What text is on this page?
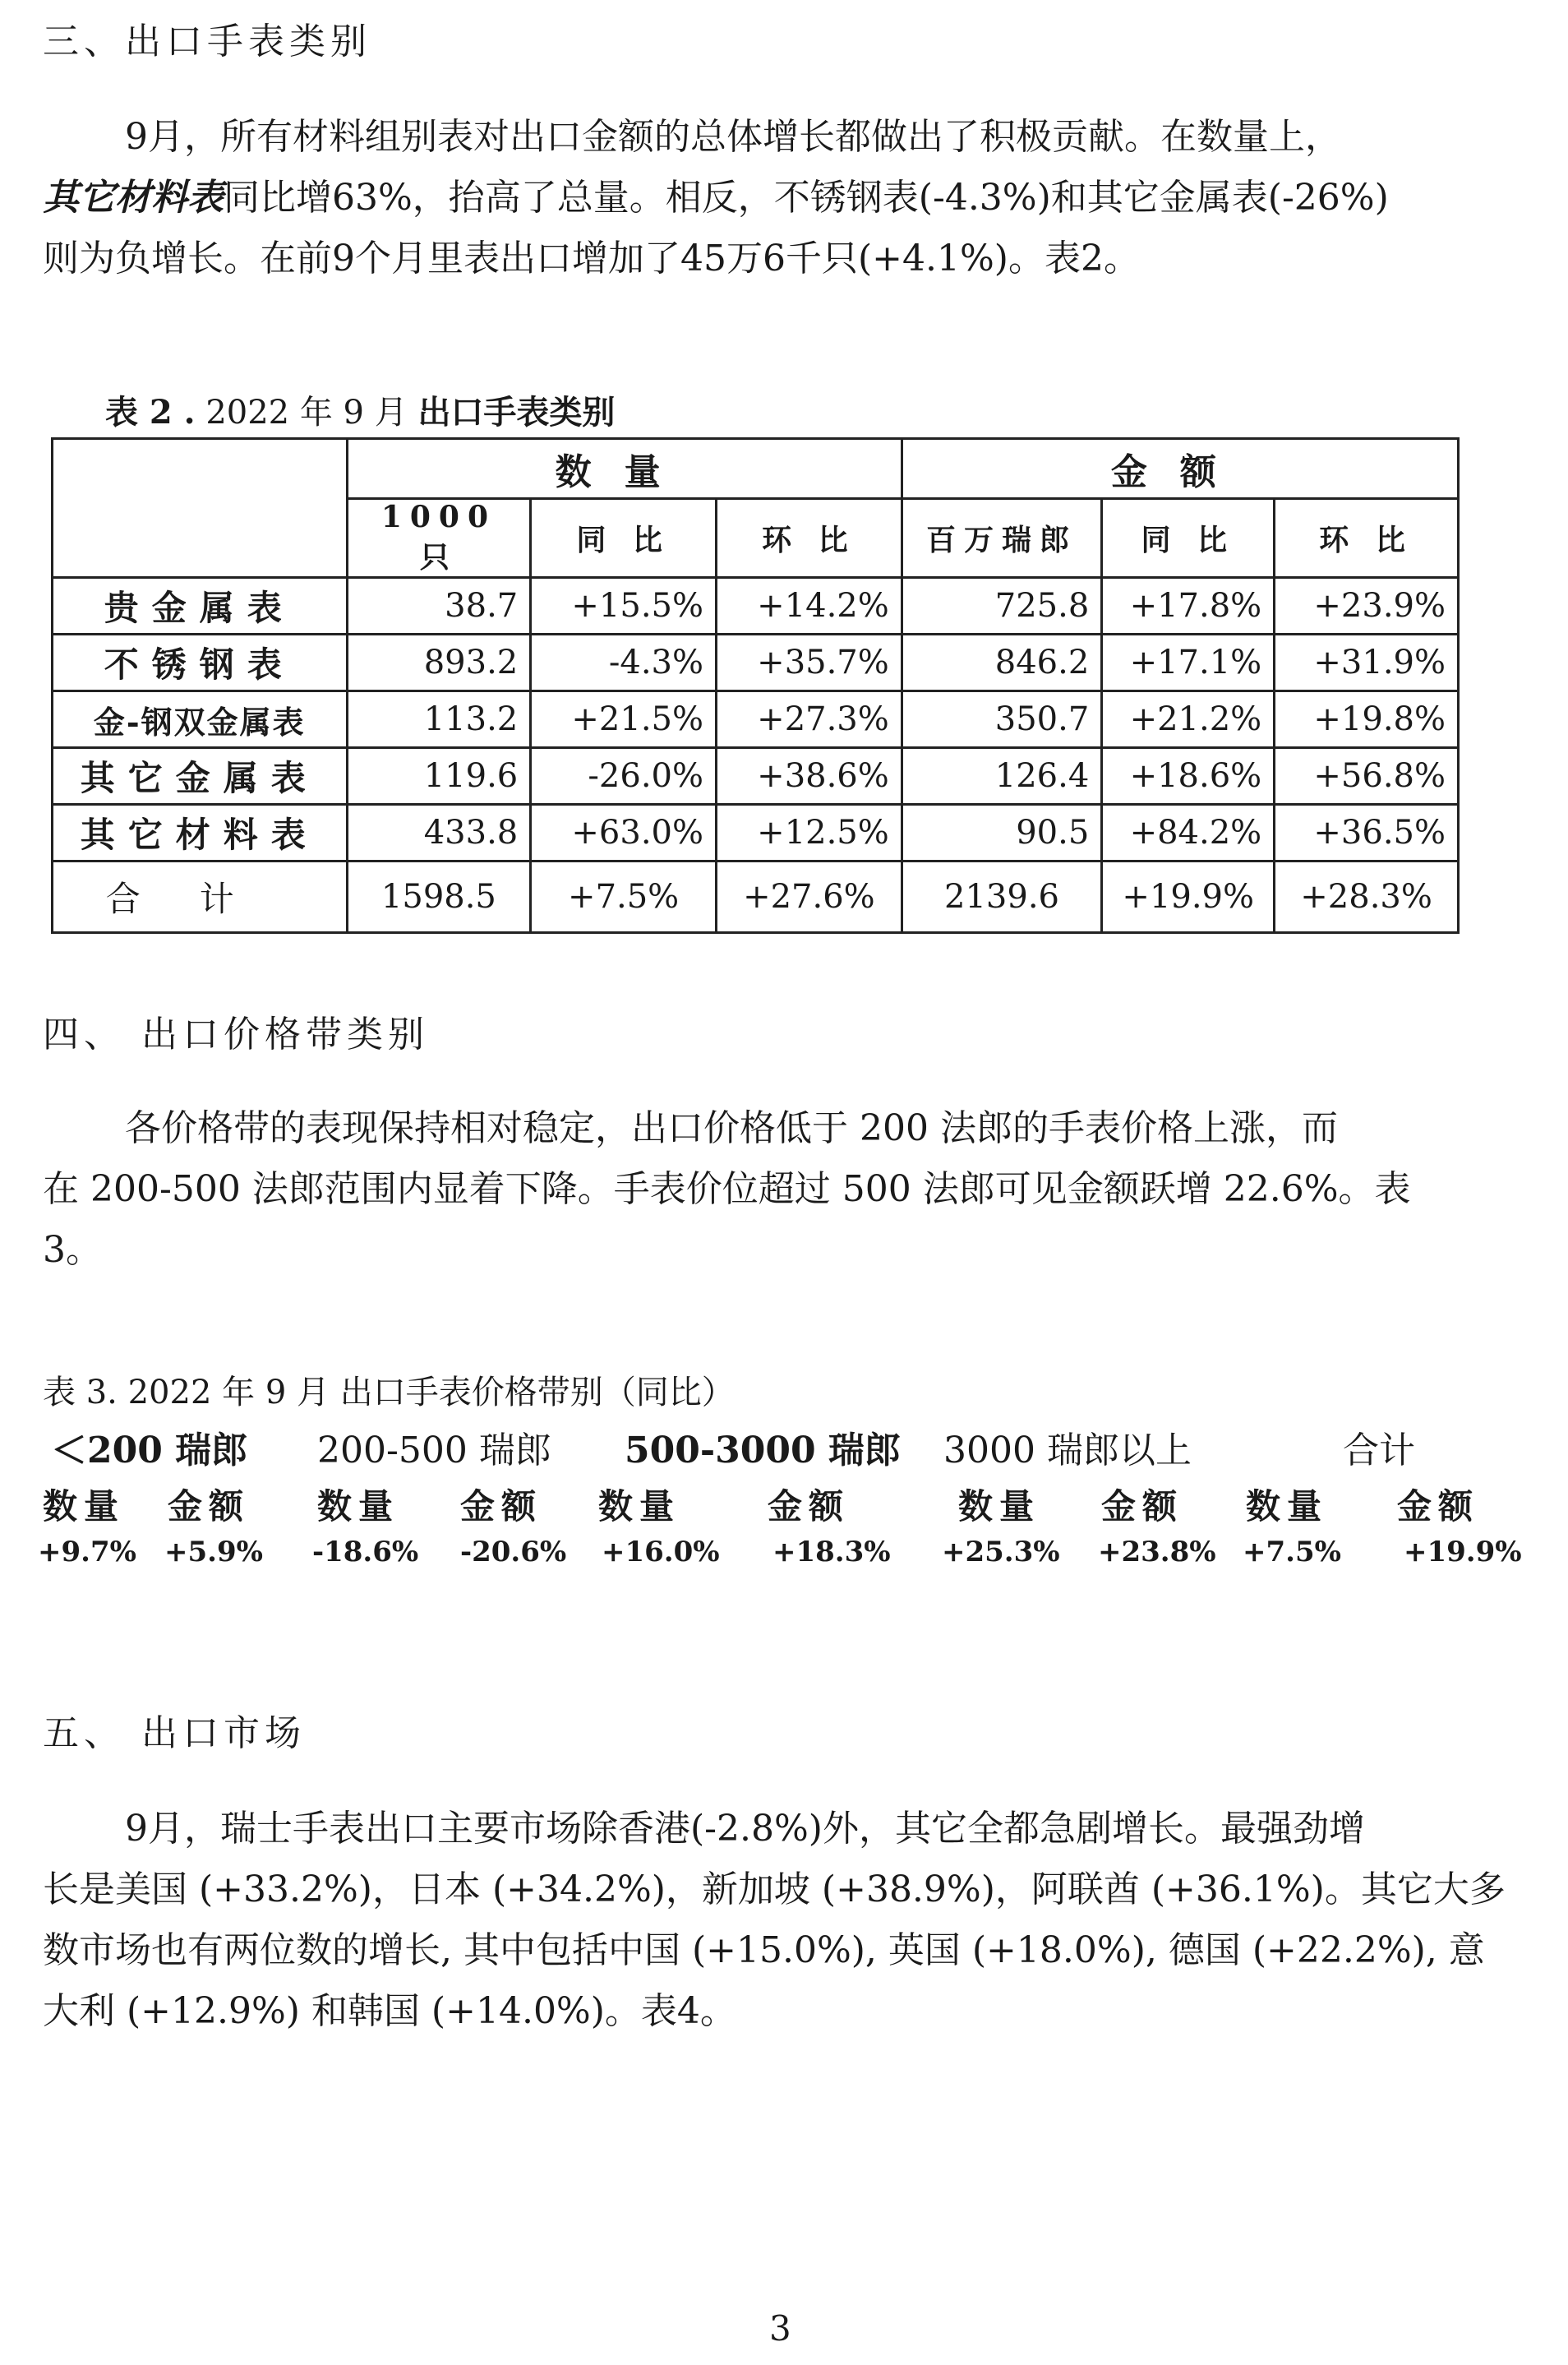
三、出口手表类别
9月，所有材料组别表对出口金额的总体增长都做出了积极贡献。在数量上，
其它材料表同比增63%，抬高了总量。相反，不锈钢表(-4.3%)和其它金属表(-26%)
则为负增长。在前9个月里表出口增加了45万6千只(+4.1%)。表2。
表 2 . 2022 年 9 月 出口手表类别
	数量			金额		
	1000 只	同 比	环 比	百万瑞郎	同 比	环 比
贵金属表	38.7	+15.5%	+14.2%	725.8	+17.8%	+23.9%
不锈钢表	893.2	-4.3%	+35.7%	846.2	+17.1%	+31.9%
金-钢双金属表	113.2	+21.5%	+27.3%	350.7	+21.2%	+19.8%
其它金属表	119.6	-26.0%	+38.6%	126.4	+18.6%	+56.8%
其它材料表	433.8	+63.0%	+12.5%	90.5	+84.2%	+36.5%
合计	1598.5	+7.5%	+27.6%	2139.6	+19.9%	+28.3%
四、 出口价格带类别
各价格带的表现保持相对稳定，出口价格低于 200 法郎的手表价格上涨，而
在 200-500 法郎范围内显着下降。手表价位超过 500 法郎可见金额跃增 22.6%。表
3。
表 3. 2022 年 9 月 出口手表价格带别（同比）
＜200 瑞郎 200-500 瑞郎 500-3000 瑞郎 3000 瑞郎以上	合计
数量 金额 数量 金额 数量	金额	数量 金额 数量 金额
+9.7% +5.9% -18.6% -20.6% +16.0% +18.3% +25.3% +23.8% +7.5% +19.9%
五、 出口市场
9月，瑞士手表出口主要市场除香港(-2.8%)外，其它全都急剧增长。最强劲增
长是美国 (+33.2%)，日本 (+34.2%)，新加坡 (+38.9%)，阿联酋 (+36.1%)。其它大多
数市场也有两位数的增长, 其中包括中国 (+15.0%), 英国 (+18.0%), 德国 (+22.2%), 意
大利 (+12.9%) 和韩国 (+14.0%)。表4。
3
